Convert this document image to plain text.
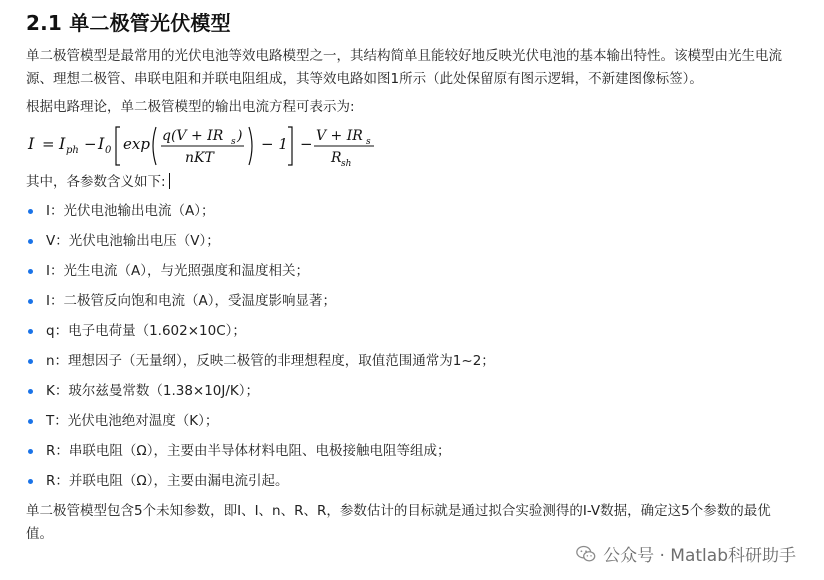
2.1 单二极管光伏模型

单二极管模型是最常用的光伏电池等效电路模型之一，其结构简单且能较好地反映光伏电池的基本输出特性。该模型由光生电流源、理想二极管、串联电阻和并联电阻组成，其等效电路如图1所示（此处保留原有图示逻辑，不新建图像标签）。

根据电路理论，单二极管模型的输出电流方程可表示为:

I = I ph − I 0 exp q(V + IR s )
nKT
− 1 − V + IR s
R sh

其中，各参数含义如下:

I：光伏电池输出电流（A）；
V：光伏电池输出电压（V）；
I：光生电流（A），与光照强度和温度相关；
I：二极管反向饱和电流（A），受温度影响显著；
q：电子电荷量（1.602×10C）；
n：理想因子（无量纲），反映二极管的非理想程度，取值范围通常为1~2；
K：玻尔兹曼常数（1.38×10J/K）；
T：光伏电池绝对温度（K）；
R：串联电阻（Ω），主要由半导体材料电阻、电极接触电阻等组成；
R：并联电阻（Ω），主要由漏电流引起。

单二极管模型包含5个未知参数，即I、I、n、R、R，参数估计的目标就是通过拟合实验测得的I-V数据，确定这5个参数的最优值。

公众号 · Matlab科研助手
